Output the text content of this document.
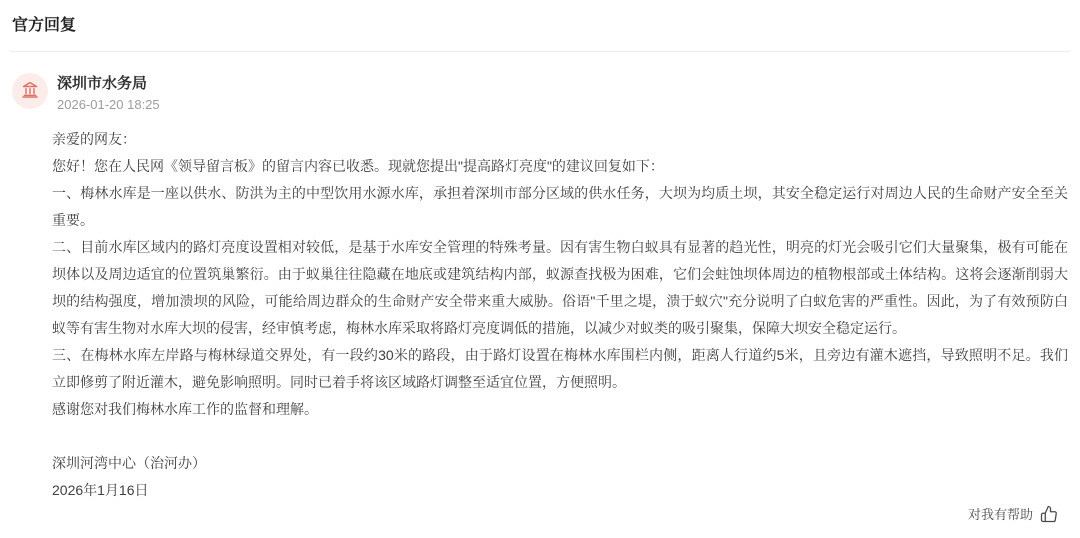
官方回复
深圳市水务局
2026-01-20 18:25

亲爱的网友：

您好！您在人民网《领导留言板》的留言内容已收悉。现就您提出"提高路灯亮度"的建议回复如下：

一、梅林水库是一座以供水、防洪为主的中型饮用水源水库，承担着深圳市部分区域的供水任务，大坝为均质土坝，其安全稳定运行对周边人民的生命财产安全至关重要。

二、目前水库区域内的路灯亮度设置相对较低，是基于水库安全管理的特殊考量。因有害生物白蚁具有显著的趋光性，明亮的灯光会吸引它们大量聚集，极有可能在坝体以及周边适宜的位置筑巢繁衍。由于蚁巢往往隐藏在地底或建筑结构内部，蚁源查找极为困难，它们会蛀蚀坝体周边的植物根部或土体结构。这将会逐渐削弱大坝的结构强度，增加溃坝的风险，可能给周边群众的生命财产安全带来重大威胁。俗语"千里之堤，溃于蚁穴"充分说明了白蚁危害的严重性。因此，为了有效预防白蚁等有害生物对水库大坝的侵害，经审慎考虑，梅林水库采取将路灯亮度调低的措施，以减少对蚁类的吸引聚集，保障大坝安全稳定运行。

三、在梅林水库左岸路与梅林绿道交界处，有一段约30米的路段，由于路灯设置在梅林水库围栏内侧，距离人行道约5米，且旁边有灌木遮挡，导致照明不足。我们立即修剪了附近灌木，避免影响照明。同时已着手将该区域路灯调整至适宜位置，方便照明。

感谢您对我们梅林水库工作的监督和理解。

深圳河湾中心（治河办）

2026年1月16日

对我有帮助
